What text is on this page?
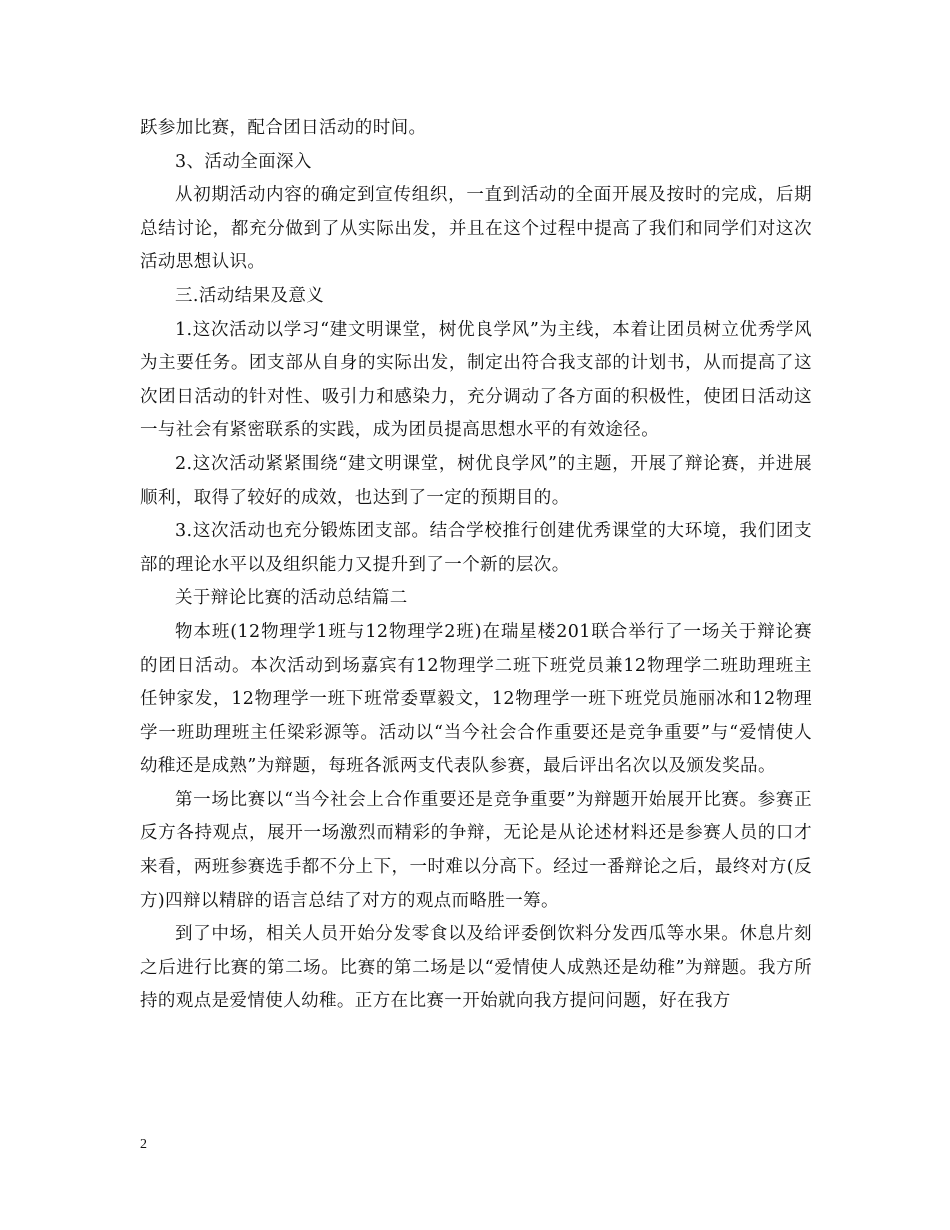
跃参加比赛，配合团日活动的时间。

3、活动全面深入

从初期活动内容的确定到宣传组织，一直到活动的全面开展及按时的完成，后期总结讨论，都充分做到了从实际出发，并且在这个过程中提高了我们和同学们对这次活动思想认识。

三.活动结果及意义

1.这次活动以学习“建文明课堂，树优良学风”为主线，本着让团员树立优秀学风为主要任务。团支部从自身的实际出发，制定出符合我支部的计划书，从而提高了这次团日活动的针对性、吸引力和感染力，充分调动了各方面的积极性，使团日活动这一与社会有紧密联系的实践，成为团员提高思想水平的有效途径。

2.这次活动紧紧围绕“建文明课堂，树优良学风”的主题，开展了辩论赛，并进展顺利，取得了较好的成效，也达到了一定的预期目的。

3.这次活动也充分锻炼团支部。结合学校推行创建优秀课堂的大环境，我们团支部的理论水平以及组织能力又提升到了一个新的层次。

关于辩论比赛的活动总结篇二

物本班(12物理学1班与12物理学2班)在瑞星楼201联合举行了一场关于辩论赛的团日活动。本次活动到场嘉宾有12物理学二班下班党员兼12物理学二班助理班主任钟家发，12物理学一班下班常委覃毅文，12物理学一班下班党员施丽冰和12物理学一班助理班主任梁彩源等。活动以“当今社会合作重要还是竞争重要”与“爱情使人幼稚还是成熟”为辩题，每班各派两支代表队参赛，最后评出名次以及颁发奖品。

第一场比赛以“当今社会上合作重要还是竞争重要”为辩题开始展开比赛。参赛正反方各持观点，展开一场激烈而精彩的争辩，无论是从论述材料还是参赛人员的口才来看，两班参赛选手都不分上下，一时难以分高下。经过一番辩论之后，最终对方(反方)四辩以精辟的语言总结了对方的观点而略胜一筹。

到了中场，相关人员开始分发零食以及给评委倒饮料分发西瓜等水果。休息片刻之后进行比赛的第二场。比赛的第二场是以“爱情使人成熟还是幼稚”为辩题。我方所持的观点是爱情使人幼稚。正方在比赛一开始就向我方提问问题，好在我方

2
